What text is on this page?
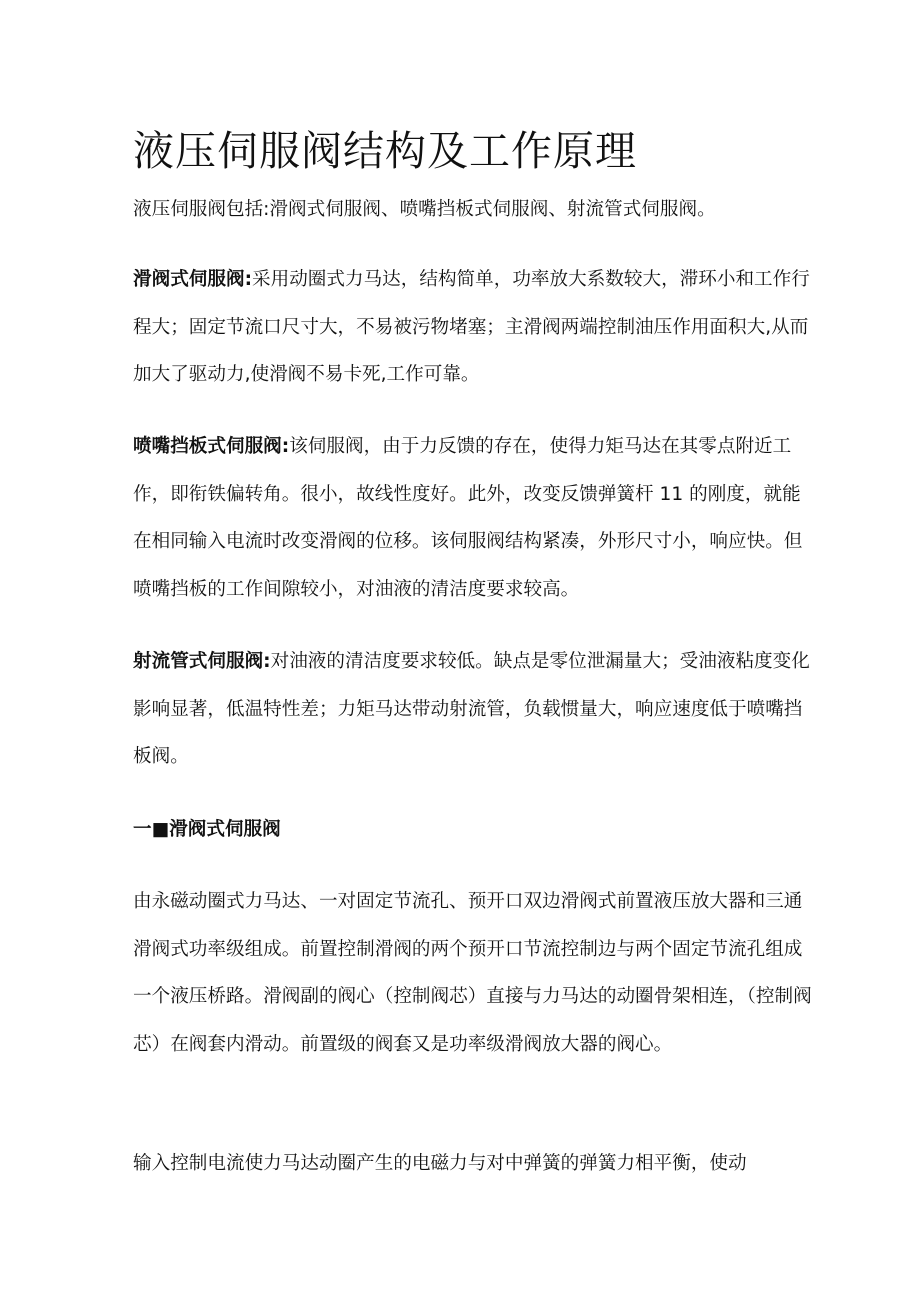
液压伺服阀结构及工作原理

液压伺服阀包括:滑阀式伺服阀、喷嘴挡板式伺服阀、射流管式伺服阀。

滑阀式伺服阀:采用动圈式力马达，结构简单，功率放大系数较大，滞环小和工作行程大；固定节流口尺寸大，不易被污物堵塞；主滑阀两端控制油压作用面积大,从而加大了驱动力,使滑阀不易卡死,工作可靠。

喷嘴挡板式伺服阀:该伺服阀，由于力反馈的存在，使得力矩马达在其零点附近工作，即衔铁偏转角。很小，故线性度好。此外，改变反馈弹簧杆 11 的刚度，就能在相同输入电流时改变滑阀的位移。该伺服阀结构紧凑，外形尺寸小，响应快。但喷嘴挡板的工作间隙较小，对油液的清洁度要求较高。

射流管式伺服阀:对油液的清洁度要求较低。缺点是零位泄漏量大；受油液粘度变化影响显著，低温特性差；力矩马达带动射流管，负载惯量大，响应速度低于喷嘴挡板阀。

一■滑阀式伺服阀

由永磁动圈式力马达、一对固定节流孔、预开口双边滑阀式前置液压放大器和三通滑阀式功率级组成。前置控制滑阀的两个预开口节流控制边与两个固定节流孔组成一个液压桥路。滑阀副的阀心（控制阀芯）直接与力马达的动圈骨架相连，（控制阀芯）在阀套内滑动。前置级的阀套又是功率级滑阀放大器的阀心。

输入控制电流使力马达动圈产生的电磁力与对中弹簧的弹簧力相平衡，使动
